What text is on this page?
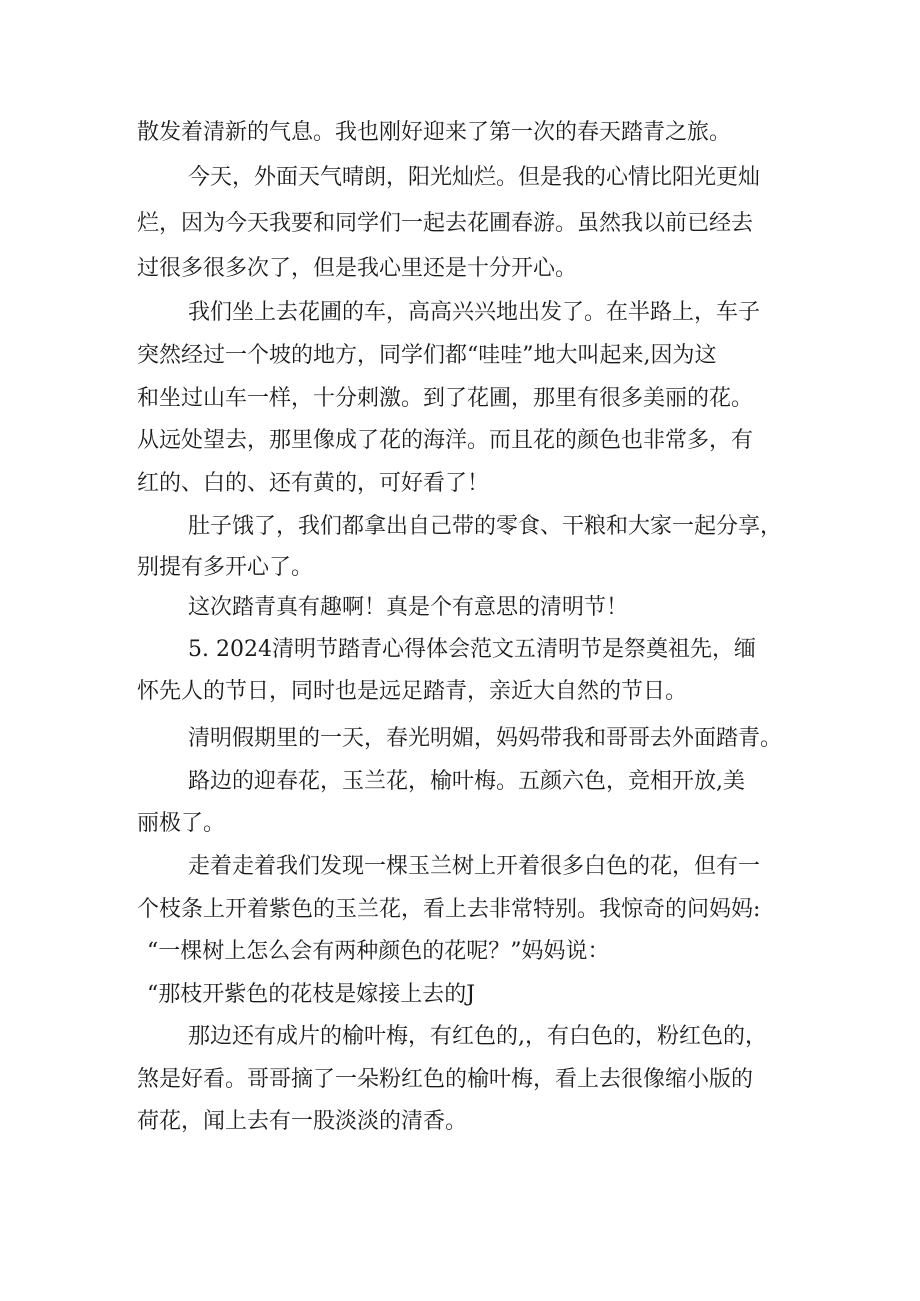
散发着清新的气息。我也刚好迎来了第一次的春天踏青之旅。

今天，外面天气晴朗，阳光灿烂。但是我的心情比阳光更灿

烂，因为今天我要和同学们一起去花圃春游。虽然我以前已经去

过很多很多次了，但是我心里还是十分开心。

我们坐上去花圃的车，高高兴兴地出发了。在半路上，车子

突然经过一个坡的地方，同学们都“哇哇”地大叫起来,因为这

和坐过山车一样，十分刺激。到了花圃，那里有很多美丽的花。

从远处望去，那里像成了花的海洋。而且花的颜色也非常多，有

红的、白的、还有黄的，可好看了！

肚子饿了，我们都拿出自己带的零食、干粮和大家一起分享，

别提有多开心了。

这次踏青真有趣啊！真是个有意思的清明节！

5. 2024清明节踏青心得体会范文五清明节是祭奠祖先，缅

怀先人的节日，同时也是远足踏青，亲近大自然的节日。

清明假期里的一天，春光明媚，妈妈带我和哥哥去外面踏青。

路边的迎春花，玉兰花，榆叶梅。五颜六色，竞相开放,美

丽极了。

走着走着我们发现一棵玉兰树上开着很多白色的花，但有一

个枝条上开着紫色的玉兰花，看上去非常特别。我惊奇的问妈妈:

“一棵树上怎么会有两种颜色的花呢？”妈妈说：

“那枝开紫色的花枝是嫁接上去的J

那边还有成片的榆叶梅，有红色的,，有白色的，粉红色的，

煞是好看。哥哥摘了一朵粉红色的榆叶梅，看上去很像缩小版的

荷花，闻上去有一股淡淡的清香。
